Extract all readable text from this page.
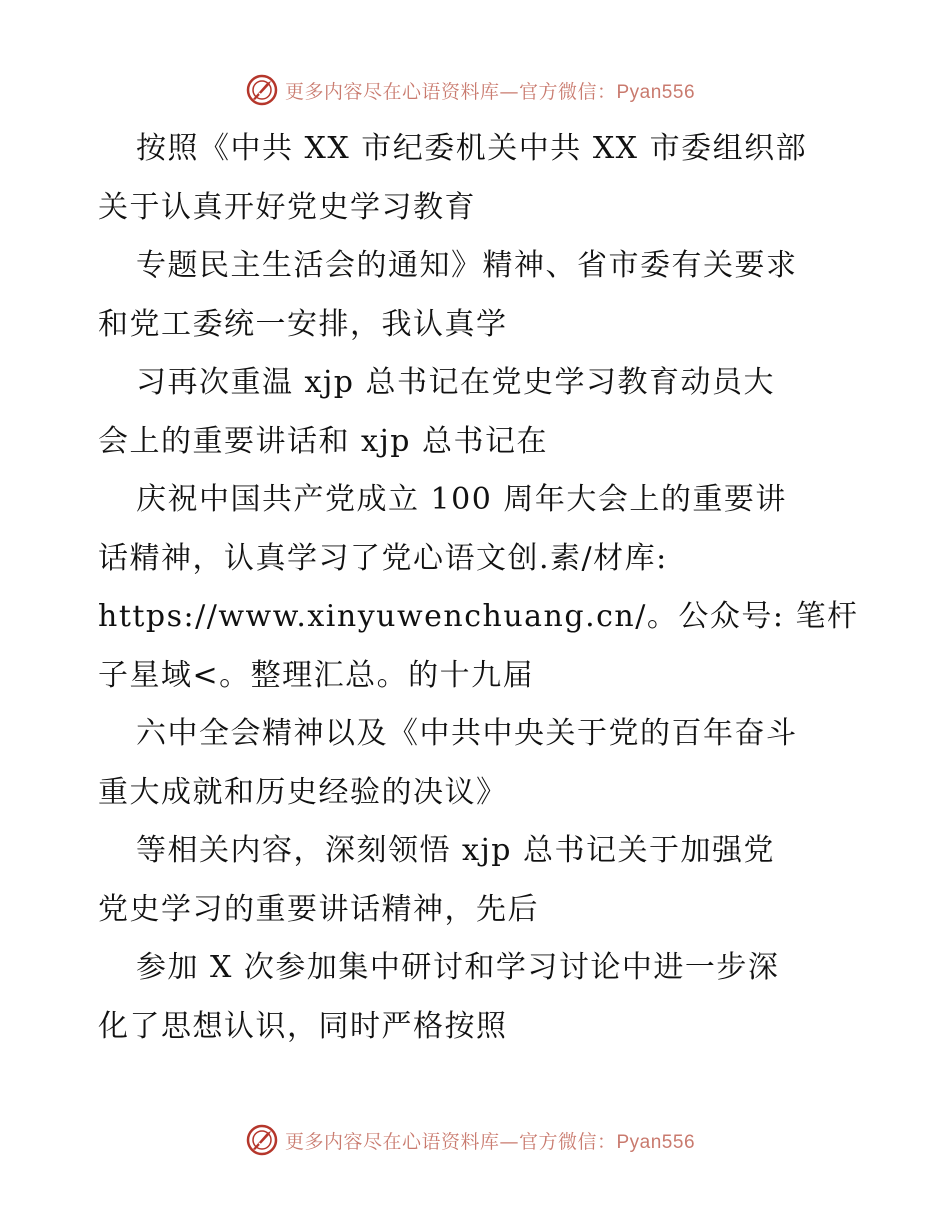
更多内容尽在心语资料库—官方微信：Pyan556
按照《中共 XX 市纪委机关中共 XX 市委组织部
关于认真开好党史学习教育
专题民主生活会的通知》精神、省市委有关要求
和党工委统一安排，我认真学
习再次重温 xjp 总书记在党史学习教育动员大
会上的重要讲话和 xjp 总书记在
庆祝中国共产党成立 100 周年大会上的重要讲
话精神，认真学习了党心语文创.素/材库:
https://www.xinyuwenchuang.cn/。公众号: 笔杆
子星域<。整理汇总。的十九届
六中全会精神以及《中共中央关于党的百年奋斗
重大成就和历史经验的决议》
等相关内容，深刻领悟 xjp 总书记关于加强党
党史学习的重要讲话精神，先后
参加 X 次参加集中研讨和学习讨论中进一步深
化了思想认识，同时严格按照
更多内容尽在心语资料库—官方微信：Pyan556
